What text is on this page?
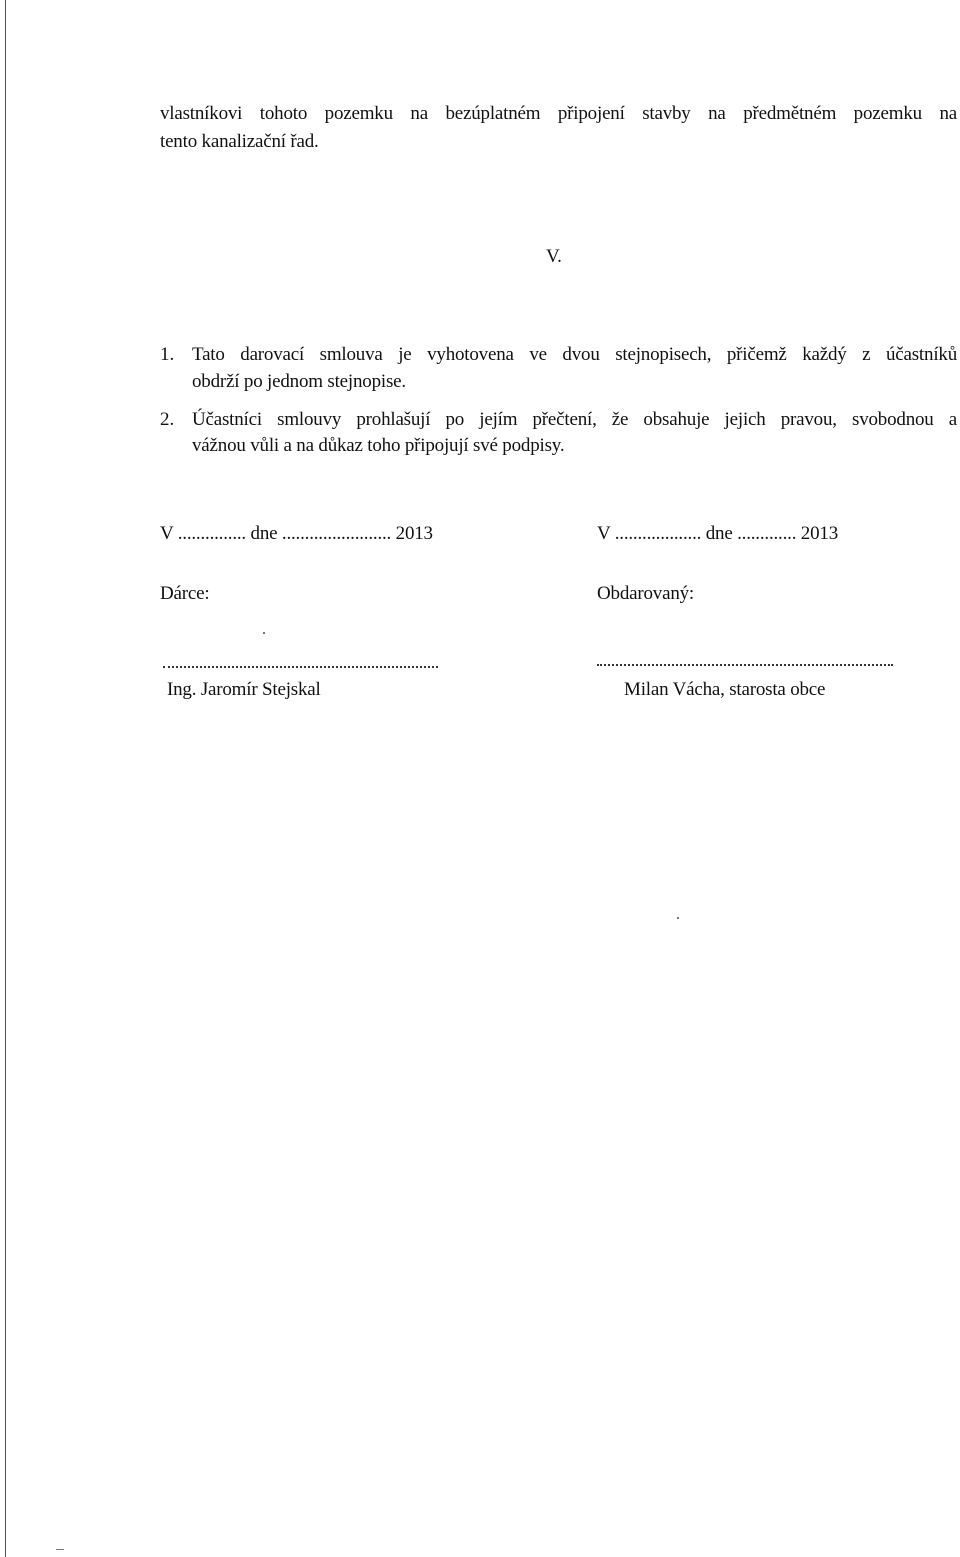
vlastníkovi tohoto pozemku na bezúplatném připojení stavby na předmětném pozemku na
tento kanalizační řad.
V.
1. Tato darovací smlouva je vyhotovena ve dvou stejnopisech, přičemž každý z účastníků
obdrží po jednom stejnopise.
2. Účastníci smlouvy prohlašují po jejím přečtení, že obsahuje jejich pravou, svobodnou a
vážnou vůli a na důkaz toho připojují své podpisy.
V ............... dne ........................ 2013	V ................... dne ............. 2013
Dárce:	Obdarovaný:
Ing. Jaromír Stejskal	Milan Vácha, starosta obce
